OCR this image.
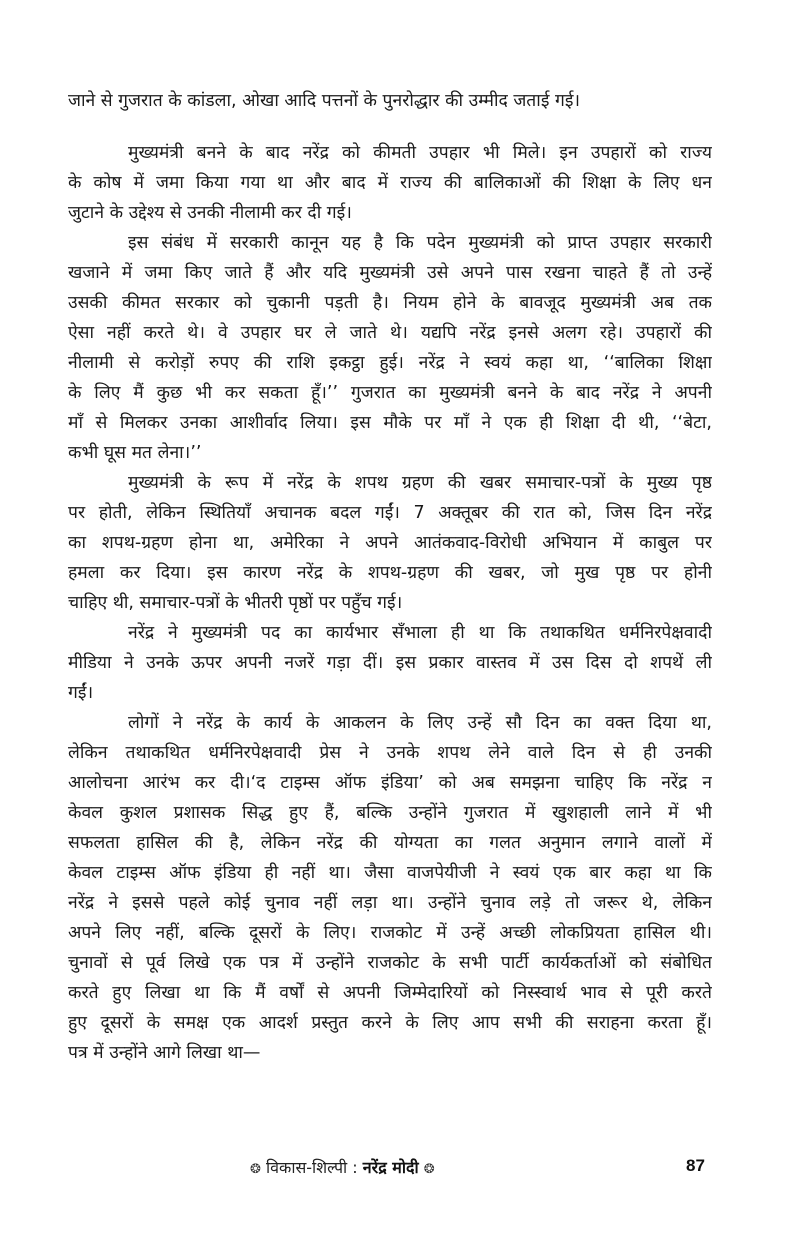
जाने से गुजरात के कांडला, ओखा आदि पत्तनों के पुनरोद्धार की उम्मीद जताई गई।
मुख्यमंत्री बनने के बाद नरेंद्र को कीमती उपहार भी मिले। इन उपहारों को राज्य
के कोष में जमा किया गया था और बाद में राज्य की बालिकाओं की शिक्षा के लिए धन
जुटाने के उद्देश्य से उनकी नीलामी कर दी गई।
इस संबंध में सरकारी कानून यह है कि पदेन मुख्यमंत्री को प्राप्त उपहार सरकारी
खजाने में जमा किए जाते हैं और यदि मुख्यमंत्री उसे अपने पास रखना चाहते हैं तो उन्हें
उसकी कीमत सरकार को चुकानी पड़ती है। नियम होने के बावजूद मुख्यमंत्री अब तक
ऐसा नहीं करते थे। वे उपहार घर ले जाते थे। यद्यपि नरेंद्र इनसे अलग रहे। उपहारों की
नीलामी से करोड़ों रुपए की राशि इकट्ठा हुई। नरेंद्र ने स्वयं कहा था, ‘‘बालिका शिक्षा
के लिए मैं कुछ भी कर सकता हूँ।’’ गुजरात का मुख्यमंत्री बनने के बाद नरेंद्र ने अपनी
माँ से मिलकर उनका आशीर्वाद लिया। इस मौके पर माँ ने एक ही शिक्षा दी थी, ‘‘बेटा,
कभी घूस मत लेना।’’
मुख्यमंत्री के रूप में नरेंद्र के शपथ ग्रहण की खबर समाचार-पत्रों के मुख्य पृष्ठ
पर होती, लेकिन स्थितियाँ अचानक बदल गईं। 7 अक्तूबर की रात को, जिस दिन नरेंद्र
का शपथ-ग्रहण होना था, अमेरिका ने अपने आतंकवाद-विरोधी अभियान में काबुल पर
हमला कर दिया। इस कारण नरेंद्र के शपथ-ग्रहण की खबर, जो मुख पृष्ठ पर होनी
चाहिए थी, समाचार-पत्रों के भीतरी पृष्ठों पर पहुँच गई।
नरेंद्र ने मुख्यमंत्री पद का कार्यभार सँभाला ही था कि तथाकथित धर्मनिरपेक्षवादी
मीडिया ने उनके ऊपर अपनी नजरें गड़ा दीं। इस प्रकार वास्तव में उस दिस दो शपथें ली
गईं।
लोगों ने नरेंद्र के कार्य के आकलन के लिए उन्हें सौ दिन का वक्त दिया था,
लेकिन तथाकथित धर्मनिरपेक्षवादी प्रेस ने उनके शपथ लेने वाले दिन से ही उनकी
आलोचना आरंभ कर दी।‘द टाइम्स ऑफ इंडिया’ को अब समझना चाहिए कि नरेंद्र न
केवल कुशल प्रशासक सिद्ध हुए हैं, बल्कि उन्होंने गुजरात में खुशहाली लाने में भी
सफलता हासिल की है, लेकिन नरेंद्र की योग्यता का गलत अनुमान लगाने वालों में
केवल टाइम्स ऑफ इंडिया ही नहीं था। जैसा वाजपेयीजी ने स्वयं एक बार कहा था कि
नरेंद्र ने इससे पहले कोई चुनाव नहीं लड़ा था। उन्होंने चुनाव लड़े तो जरूर थे, लेकिन
अपने लिए नहीं, बल्कि दूसरों के लिए। राजकोट में उन्हें अच्छी लोकप्रियता हासिल थी।
चुनावों से पूर्व लिखे एक पत्र में उन्होंने राजकोट के सभी पार्टी कार्यकर्ताओं को संबोधित
करते हुए लिखा था कि मैं वर्षों से अपनी जिम्मेदारियों को निस्स्वार्थ भाव से पूरी करते
हुए दूसरों के समक्ष एक आदर्श प्रस्तुत करने के लिए आप सभी की सराहना करता हूँ।
पत्र में उन्होंने आगे लिखा था—
❂ विकास-शिल्पी : नरेंद्र मोदी ❂	87
